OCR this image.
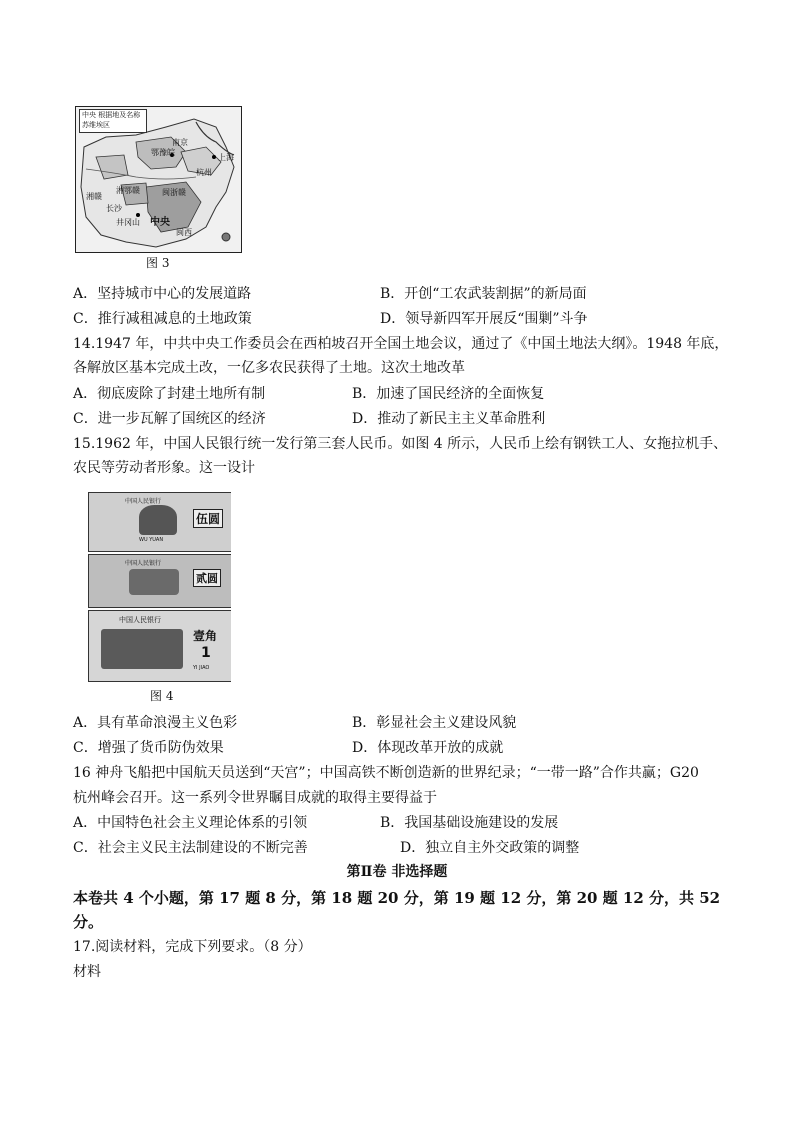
中央 根据地及名称
苏维埃区
鄂豫皖
南京
上海
杭州
湘鄂赣	闽浙赣
长沙
井冈山 中央
湘赣
闽西
图 3
A．坚持城市中心的发展道路	B．开创“工农武装割据”的新局面
C．推行减租减息的土地政策	D．领导新四军开展反“围剿”斗争
14.1947 年，中共中央工作委员会在西柏坡召开全国土地会议，通过了《中国土地法大纲》。1948 年底，
各解放区基本完成土改，一亿多农民获得了土地。这次土地改革
A．彻底废除了封建土地所有制	B．加速了国民经济的全面恢复
C．进一步瓦解了国统区的经济	D．推动了新民主主义革命胜利
15.1962 年，中国人民银行统一发行第三套人民币。如图 4 所示，人民币上绘有钢铁工人、女拖拉机手、
农民等劳动者形象。这一设计
中国人民银行
伍圆
WU YUAN
中国人民银行
贰圆
中国人民银行
壹角
1
YI JIAO
图 4
A．具有革命浪漫主义色彩	B．彰显社会主义建设风貌
C．增强了货币防伪效果	D．体现改革开放的成就
16 神舟飞船把中国航天员送到“天宫”；中国高铁不断创造新的世界纪录；“一带一路”合作共赢；G20
杭州峰会召开。这一系列令世界瞩目成就的取得主要得益于
A．中国特色社会主义理论体系的引领	B．我国基础设施建设的发展
C．社会主义民主法制建设的不断完善	D．独立自主外交政策的调整
第Ⅱ卷 非选择题
本卷共 4 个小题，第 17 题 8 分，第 18 题 20 分，第 19 题 12 分，第 20 题 12 分，共 52
分。
17.阅读材料，完成下列要求。（8 分）
材料
